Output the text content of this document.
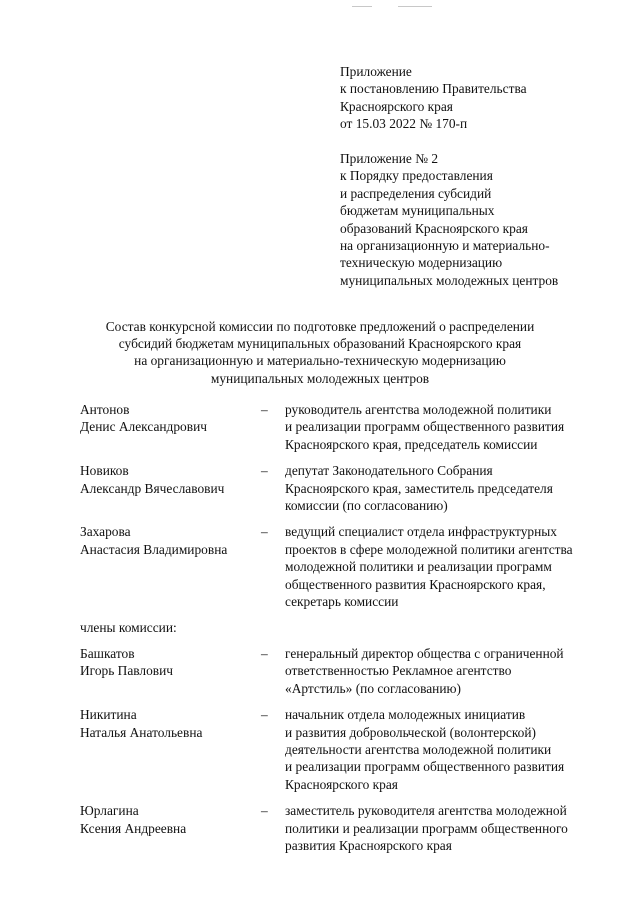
Приложение
к постановлению Правительства
Красноярского края
от 15.03 2022 № 170-п
Приложение № 2
к Порядку предоставления
и распределения субсидий
бюджетам муниципальных
образований Красноярского края
на организационную и материально-
техническую модернизацию
муниципальных молодежных центров
Состав конкурсной комиссии по подготовке предложений о распределении
субсидий бюджетам муниципальных образований Красноярского края
на организационную и материально-техническую модернизацию
муниципальных молодежных центров
Антонов
Денис Александрович
– руководитель агентства молодежной политики
и реализации программ общественного развития
Красноярского края, председатель комиссии
Новиков
Александр Вячеславович
– депутат Законодательного Собрания
Красноярского края, заместитель председателя
комиссии (по согласованию)
Захарова
Анастасия Владимировна
– ведущий специалист отдела инфраструктурных
проектов в сфере молодежной политики агентства
молодежной политики и реализации программ
общественного развития Красноярского края,
секретарь комиссии
члены комиссии:
Башкатов
Игорь Павлович
– генеральный директор общества с ограниченной
ответственностью Рекламное агентство
«Артстиль» (по согласованию)
Никитина
Наталья Анатольевна
– начальник отдела молодежных инициатив
и развития добровольческой (волонтерской)
деятельности агентства молодежной политики
и реализации программ общественного развития
Красноярского края
Юрлагина
Ксения Андреевна
– заместитель руководителя агентства молодежной
политики и реализации программ общественного
развития Красноярского края
